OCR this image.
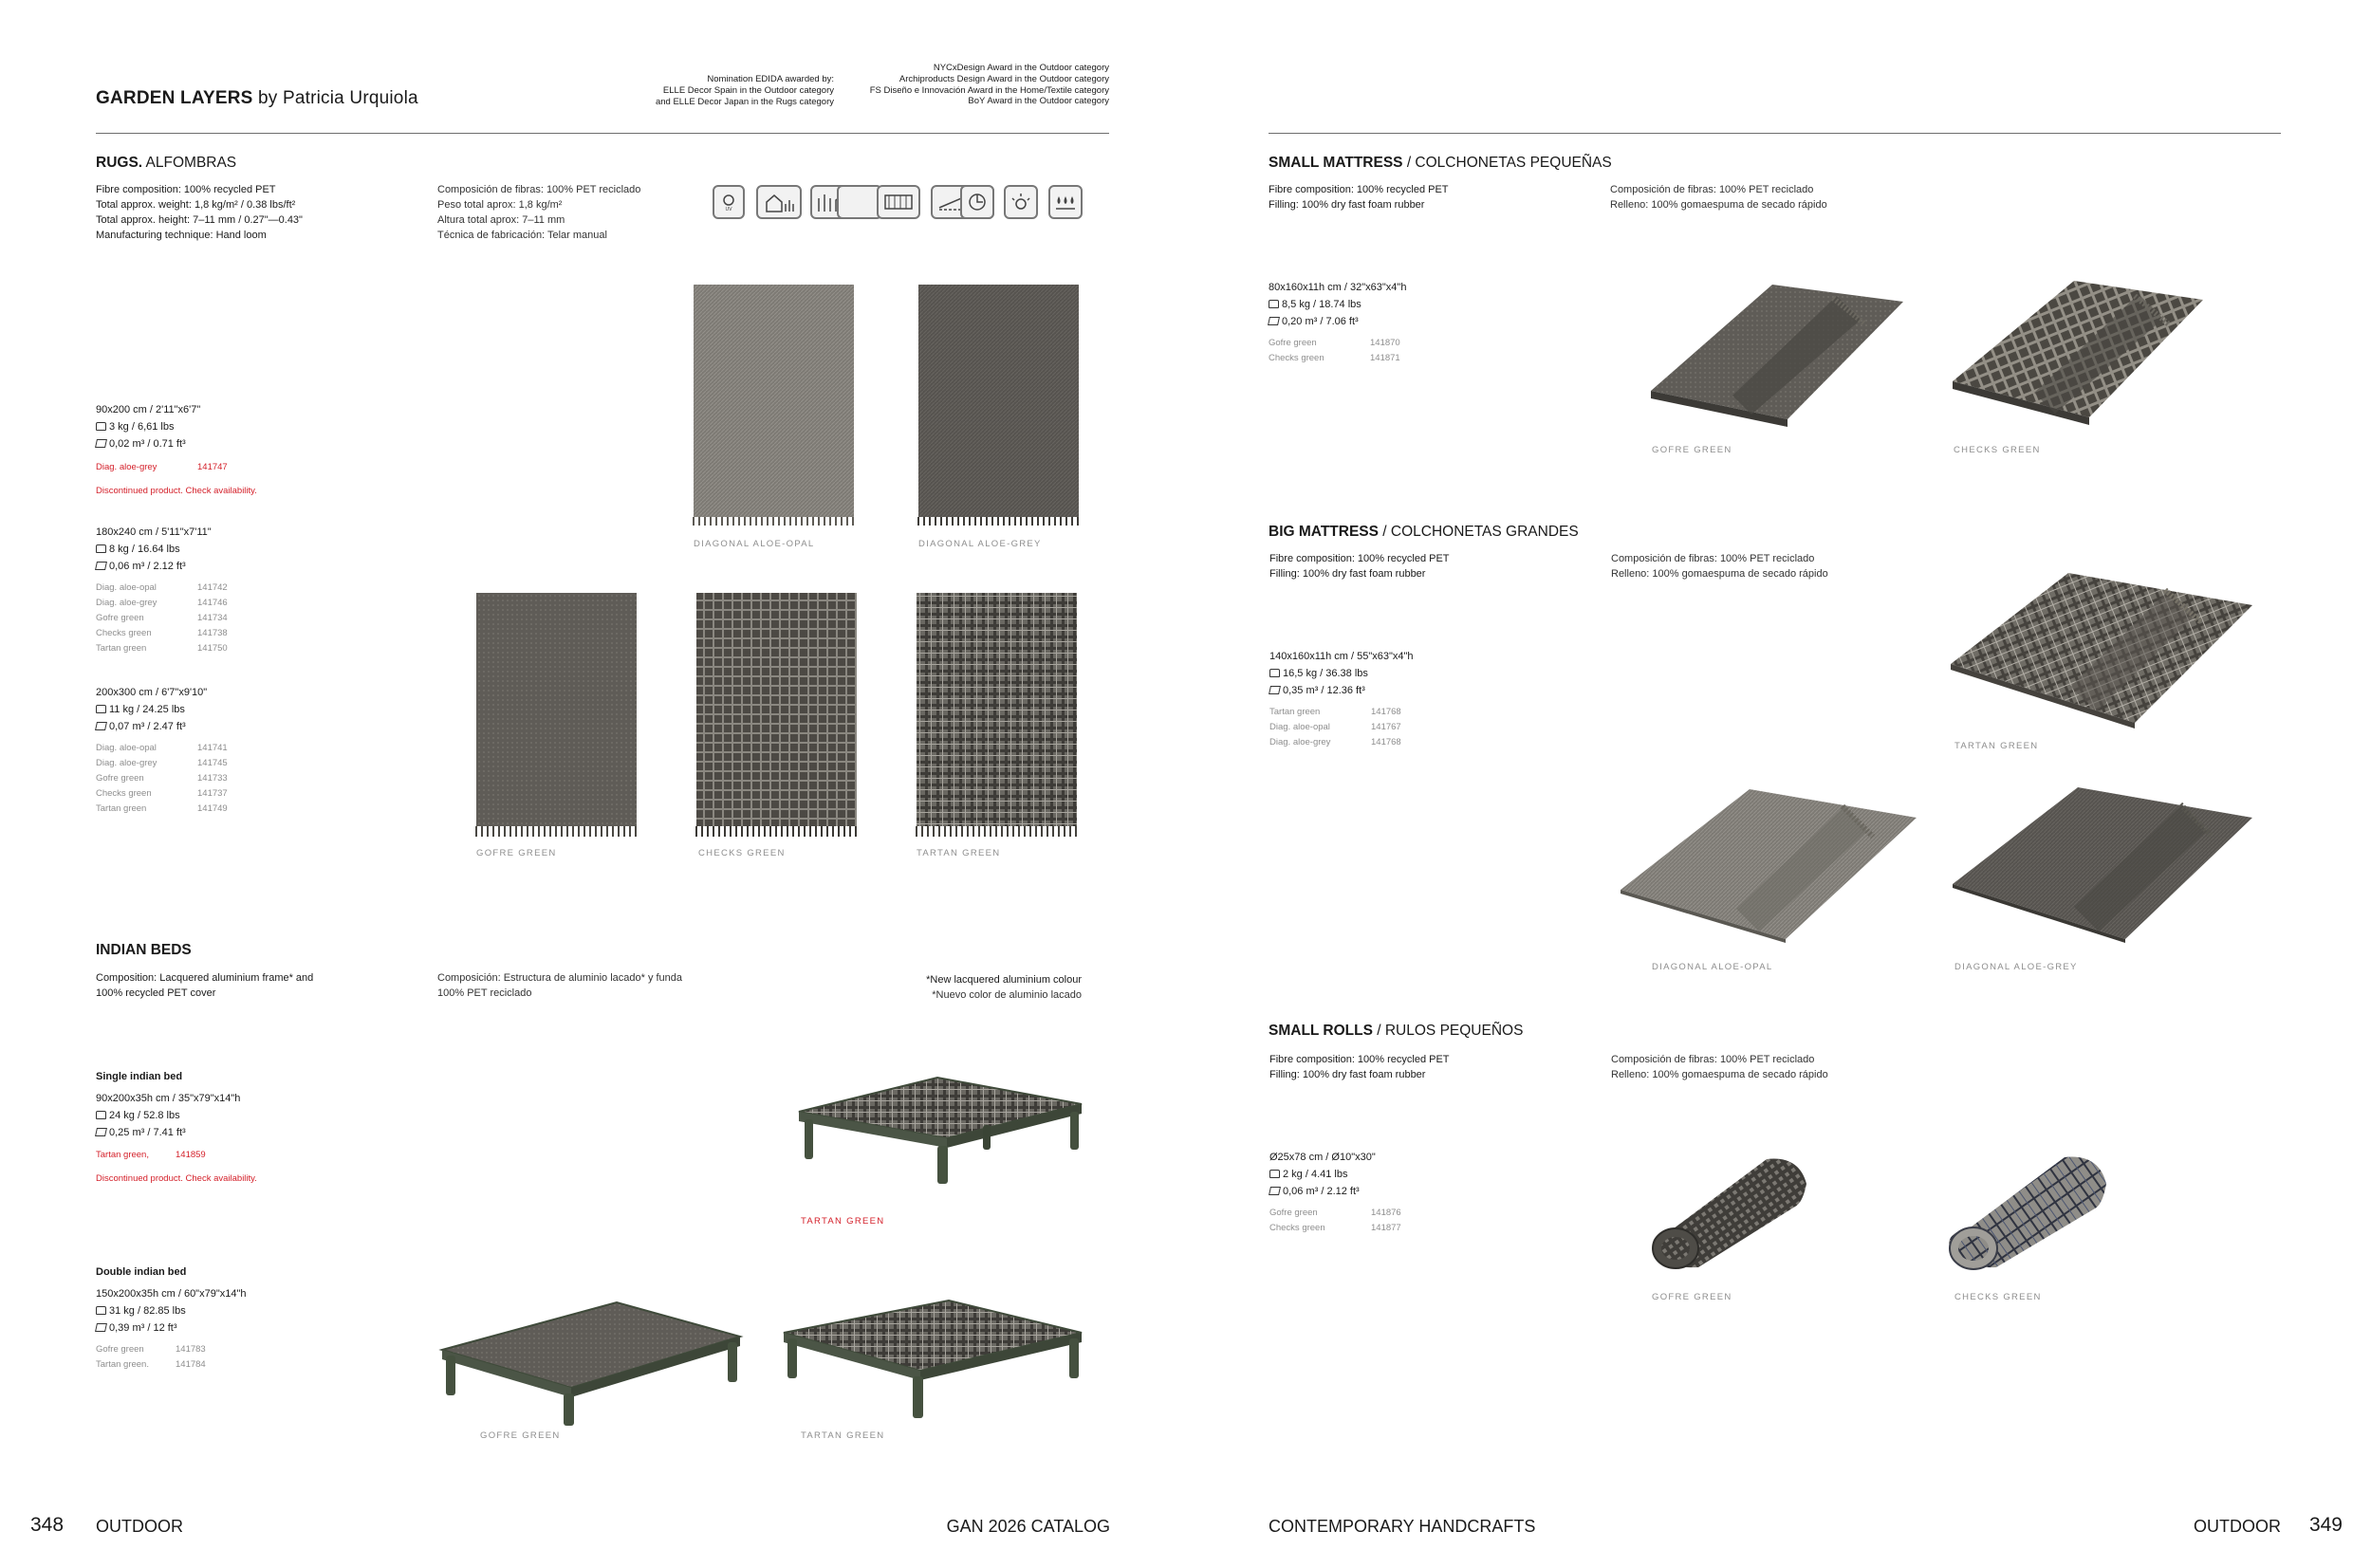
GARDEN LAYERS by Patricia Urquiola
Nomination EDIDA awarded by:
ELLE Decor Spain in the Outdoor category
and ELLE Decor Japan in the Rugs category
NYCxDesign Award in the Outdoor category
Archiproducts Design Award in the Outdoor category
FS Diseño e Innovación Award in the Home/Textile category
BoY Award in the Outdoor category
RUGS. ALFOMBRAS
Fibre composition: 100% recycled PET
Total approx. weight: 1,8 kg/m² / 0.38 lbs/ft²
Total approx. height: 7–11 mm / 0.27"—0.43"
Manufacturing technique: Hand loom
Composición de fibras: 100% PET reciclado
Peso total aprox: 1,8 kg/m²
Altura total aprox: 7–11 mm
Técnica de fabricación: Telar manual
UV
90x200 cm / 2'11"x6'7"
3 kg / 6,61 lbs
0,02 m³ / 0.71 ft³
Diag. aloe-grey	141747
Discontinued product. Check availability.
180x240 cm / 5'11"x7'11"
8 kg / 16.64 lbs
0,06 m³ / 2.12 ft³
Diag. aloe-opal	141742
Diag. aloe-grey	141746
Gofre green	141734
Checks green	141738
Tartan green	141750
200x300 cm / 6'7"x9'10"
11 kg / 24.25 lbs
0,07 m³ / 2.47 ft³
Diag. aloe-opal	141741
Diag. aloe-grey	141745
Gofre green	141733
Checks green	141737
Tartan green	141749
DIAGONAL ALOE-OPAL	DIAGONAL ALOE-GREY
GOFRE GREEN	CHECKS GREEN	TARTAN GREEN
INDIAN BEDS
Composition: Lacquered aluminium frame* and
100% recycled PET cover
Composición: Estructura de aluminio lacado* y funda
100% PET reciclado
*New lacquered aluminium colour
*Nuevo color de aluminio lacado
Single indian bed
90x200x35h cm / 35"x79"x14"h
24 kg / 52.8 lbs
0,25 m³ / 7.41 ft³
Tartan green,	141859
Discontinued product. Check availability.
TARTAN GREEN
Double indian bed
150x200x35h cm / 60"x79"x14"h
31 kg / 82.85 lbs
0,39 m³ / 12 ft³
Gofre green	141783
Tartan green.	141784
GOFRE GREEN	TARTAN GREEN
348 OUTDOOR	GAN 2026 CATALOG
SMALL MATTRESS / COLCHONETAS PEQUEÑAS
Fibre composition: 100% recycled PET
Filling: 100% dry fast foam rubber
Composición de fibras: 100% PET reciclado
Relleno: 100% gomaespuma de secado rápido
80x160x11h cm / 32"x63"x4"h
8,5 kg / 18.74 lbs
0,20 m³ / 7.06 ft³
Gofre green	141870
Checks green	141871
GOFRE GREEN	CHECKS GREEN
BIG MATTRESS / COLCHONETAS GRANDES
Fibre composition: 100% recycled PET
Filling: 100% dry fast foam rubber
Composición de fibras: 100% PET reciclado
Relleno: 100% gomaespuma de secado rápido
140x160x11h cm / 55"x63"x4"h
16,5 kg / 36.38 lbs
0,35 m³ / 12.36 ft³
Tartan green	141768
Diag. aloe-opal	141767
Diag. aloe-grey	141768	TARTAN GREEN
DIAGONAL ALOE-OPAL	DIAGONAL ALOE-GREY
SMALL ROLLS / RULOS PEQUEÑOS
Fibre composition: 100% recycled PET
Filling: 100% dry fast foam rubber
Composición de fibras: 100% PET reciclado
Relleno: 100% gomaespuma de secado rápido
Ø25x78 cm / Ø10"x30"
2 kg / 4.41 lbs
0,06 m³ / 2.12 ft³
Gofre green	141876
Checks green	141877
GOFRE GREEN	CHECKS GREEN
CONTEMPORARY HANDCRAFTS	OUTDOOR 349
